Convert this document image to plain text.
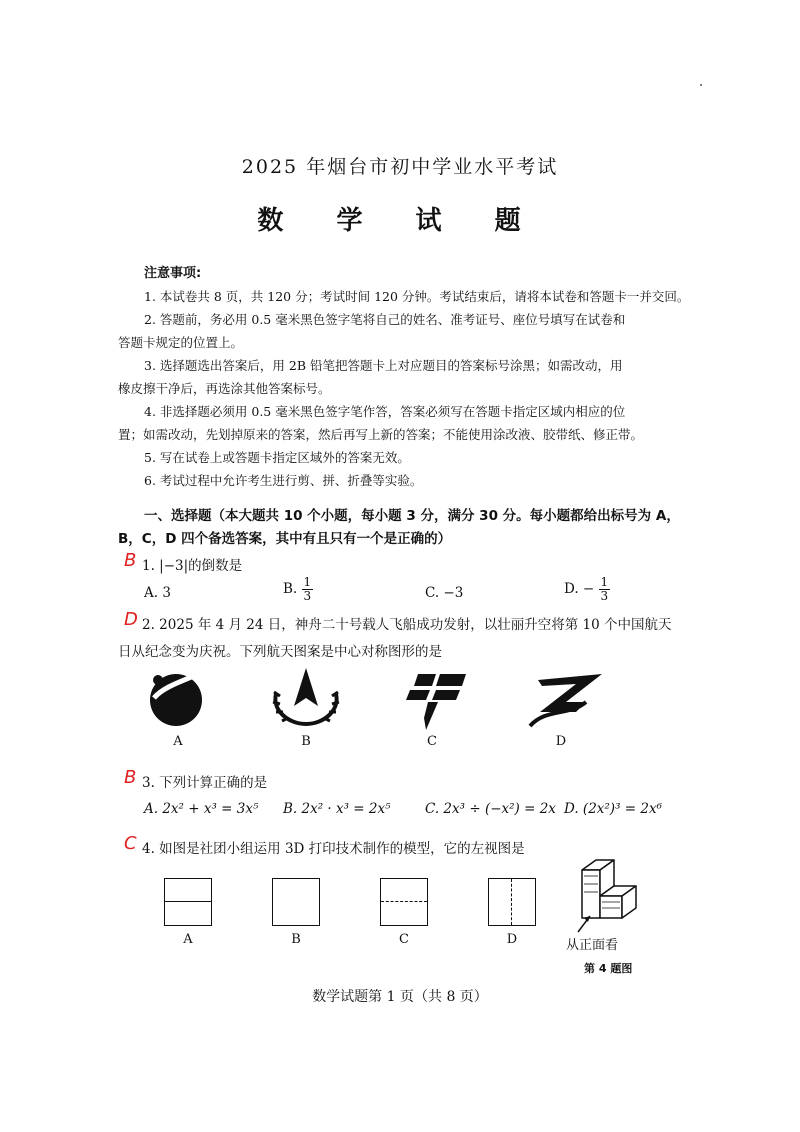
2025 年烟台市初中学业水平考试
数 学 试 题
注意事项:
1. 本试卷共 8 页，共 120 分；考试时间 120 分钟。考试结束后，请将本试卷和答题卡一并交回。
2. 答题前，务必用 0.5 毫米黑色签字笔将自己的姓名、准考证号、座位号填写在试卷和
答题卡规定的位置上。
3. 选择题选出答案后，用 2B 铅笔把答题卡上对应题目的答案标号涂黑；如需改动，用
橡皮擦干净后，再选涂其他答案标号。
4. 非选择题必须用 0.5 毫米黑色签字笔作答，答案必须写在答题卡指定区域内相应的位
置；如需改动，先划掉原来的答案，然后再写上新的答案；不能使用涂改液、胶带纸、修正带。
5. 写在试卷上或答题卡指定区域外的答案无效。
6. 考试过程中允许考生进行剪、拼、折叠等实验。
一、选择题（本大题共 10 个小题，每小题 3 分，满分 30 分。每小题都给出标号为 A，
B，C，D 四个备选答案，其中有且只有一个是正确的）
B 1. |−3|的倒数是
A. 3	B. $\frac{1}{3}$	C. −3	D. − $\frac{1}{3}$
D 2. 2025 年 4 月 24 日，神舟二十号载人飞船成功发射，以壮丽升空将第 10 个中国航天
日从纪念变为庆祝。下列航天图案是中心对称图形的是
A	B	C	D
B 3. 下列计算正确的是
A. 2x² + x³ = 3x⁵ B. 2x² · x³ = 2x⁵	C. 2x³ ÷ (−x²) = 2x D. (2x²)³ = 2x⁶
C 4. 如图是社团小组运用 3D 打印技术制作的模型，它的左视图是
A	B	C	D	从正面看
第 4 题图
数学试题第 1 页（共 8 页）
